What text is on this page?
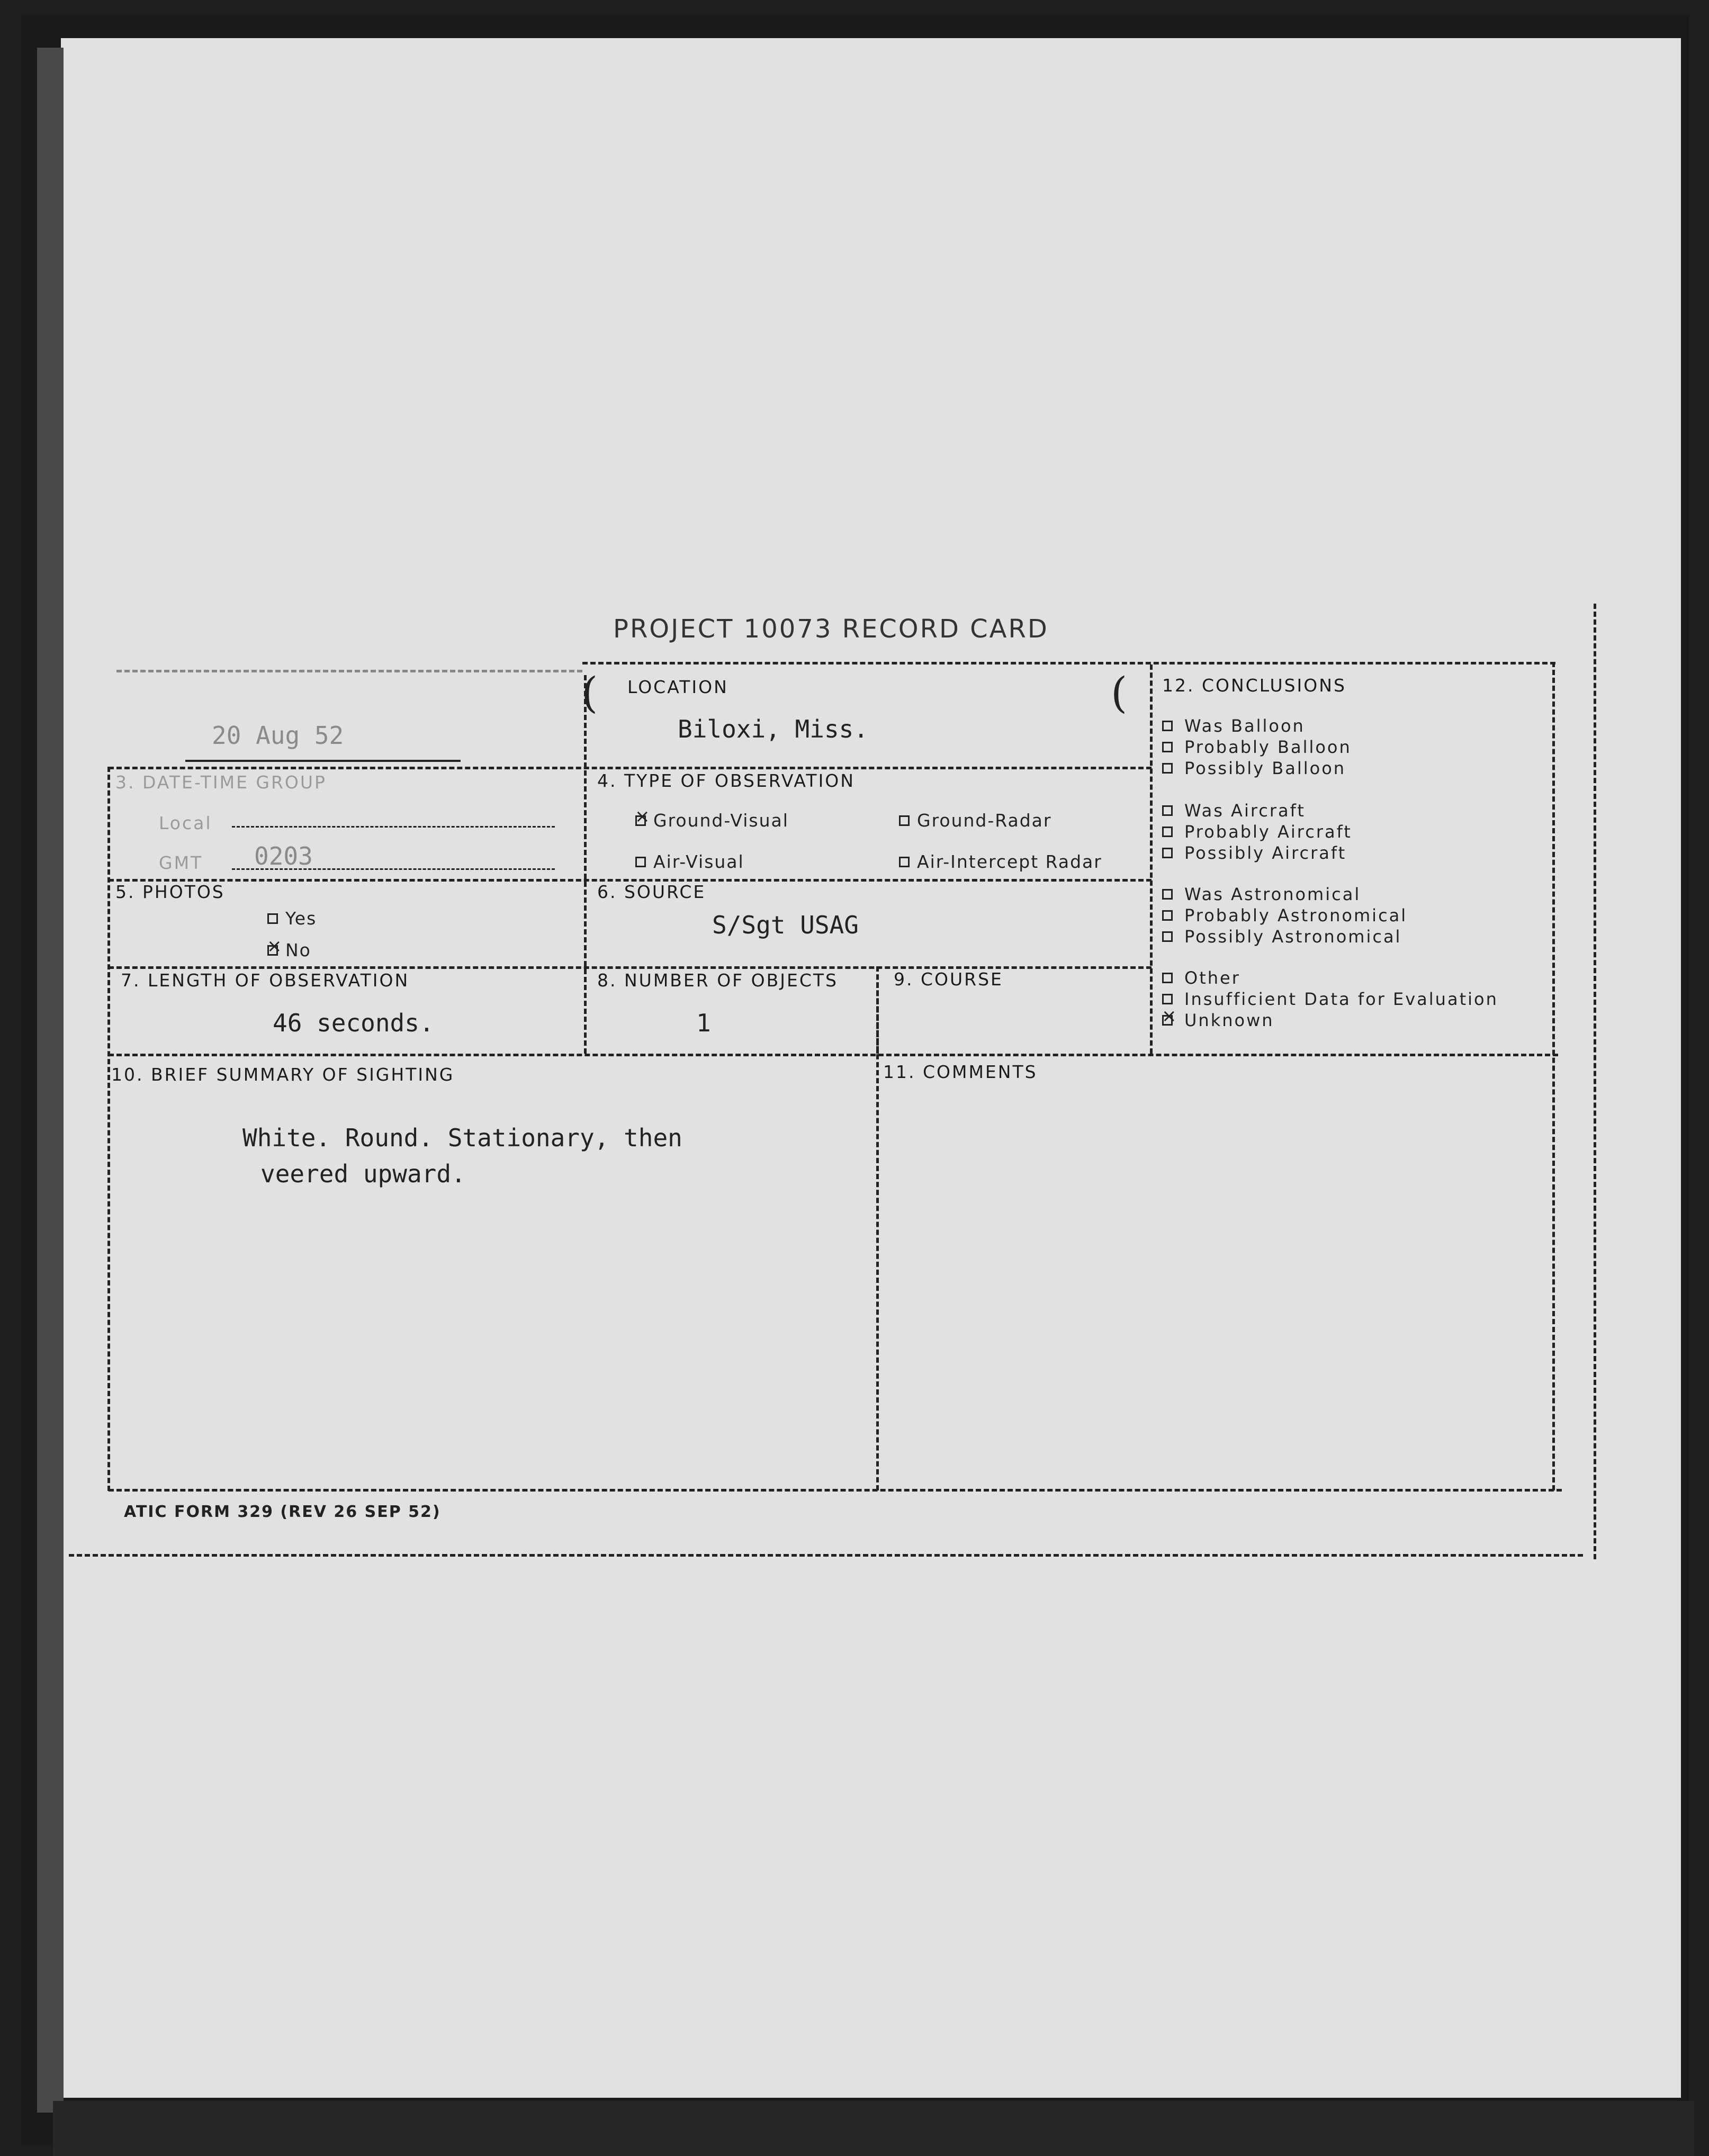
PROJECT 10073 RECORD CARD
20 Aug 52
(	(
LOCATION
Biloxi, Miss.
3. DATE-TIME GROUP
Local
GMT 0203
4. TYPE OF OBSERVATION
×
Ground-Visual	Ground-Radar
Air-Visual	Air-Intercept Radar
5. PHOTOS
Yes
×
No
6. SOURCE
S/Sgt USAG
7. LENGTH OF OBSERVATION
46 seconds.
8. NUMBER OF OBJECTS
1
9. COURSE
10. BRIEF SUMMARY OF SIGHTING
White. Round. Stationary, then
veered upward.
11. COMMENTS
12. CONCLUSIONS
Was Balloon
Probably Balloon
Possibly Balloon
Was Aircraft
Probably Aircraft
Possibly Aircraft
Was Astronomical
Probably Astronomical
Possibly Astronomical
Other
Insufficient Data for Evaluation
×
Unknown
ATIC FORM 329 (REV 26 SEP 52)
